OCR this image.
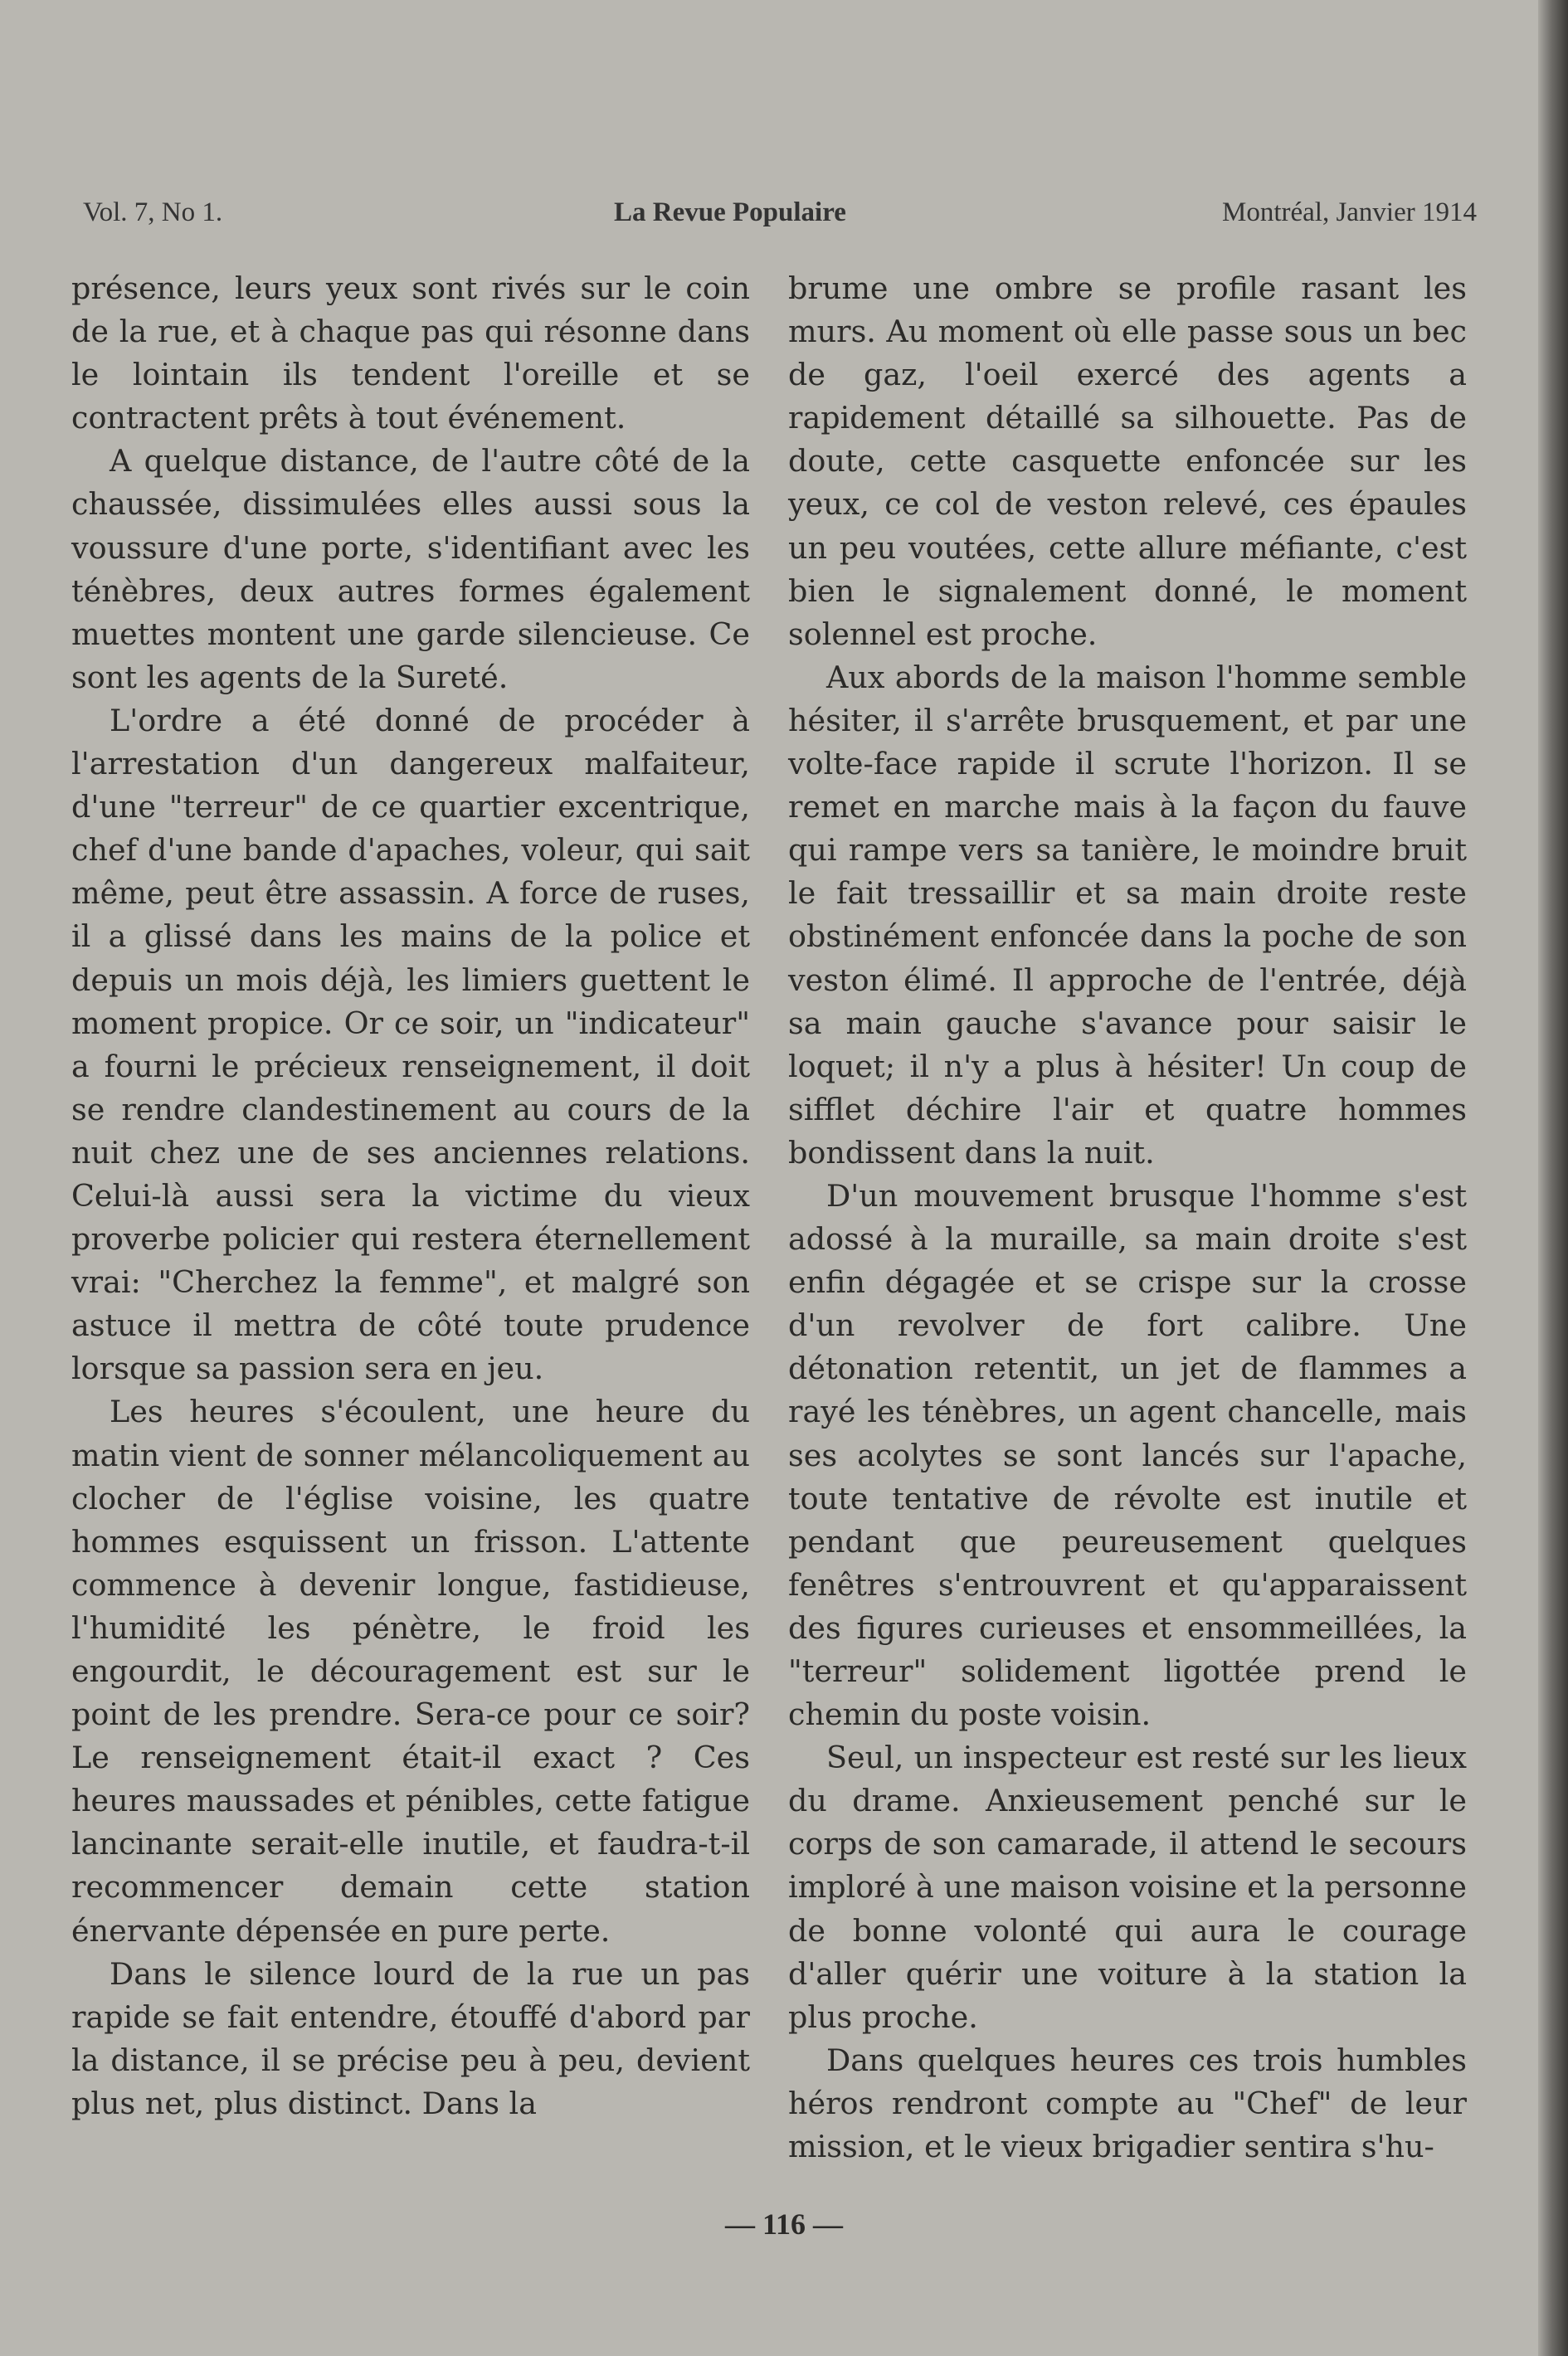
Vol. 7, No 1.	La Revue Populaire	Montréal, Janvier 1914

présence, leurs yeux sont rivés sur le coin de la rue, et à chaque pas qui résonne dans le lointain ils tendent l'oreille et se contractent prêts à tout événement.

A quelque distance, de l'autre côté de la chaussée, dissimulées elles aussi sous la voussure d'une porte, s'identifiant avec les ténèbres, deux autres formes également muettes montent une garde silencieuse. Ce sont les agents de la Sureté.

L'ordre a été donné de procéder à l'arrestation d'un dangereux malfaiteur, d'une "terreur" de ce quartier excentrique, chef d'une bande d'apaches, voleur, qui sait même, peut être assassin. A force de ruses, il a glissé dans les mains de la police et depuis un mois déjà, les limiers guettent le moment propice. Or ce soir, un "indicateur" a fourni le précieux renseignement, il doit se rendre clandestinement au cours de la nuit chez une de ses anciennes relations. Celui-là aussi sera la victime du vieux proverbe policier qui restera éternellement vrai: "Cherchez la femme", et malgré son astuce il mettra de côté toute prudence lorsque sa passion sera en jeu.

Les heures s'écoulent, une heure du matin vient de sonner mélancoliquement au clocher de l'église voisine, les quatre hommes esquissent un frisson. L'attente commence à devenir longue, fastidieuse, l'humidité les pénètre, le froid les engourdit, le découragement est sur le point de les prendre. Sera-ce pour ce soir? Le renseignement était-il exact ? Ces heures maussades et pénibles, cette fatigue lancinante serait-elle inutile, et faudra-t-il recommencer demain cette station énervante dépensée en pure perte.

Dans le silence lourd de la rue un pas rapide se fait entendre, étouffé d'abord par la distance, il se précise peu à peu, devient plus net, plus distinct. Dans la

brume une ombre se profile rasant les murs. Au moment où elle passe sous un bec de gaz, l'oeil exercé des agents a rapidement détaillé sa silhouette. Pas de doute, cette casquette enfoncée sur les yeux, ce col de veston relevé, ces épaules un peu voutées, cette allure méfiante, c'est bien le signalement donné, le moment solennel est proche.

Aux abords de la maison l'homme semble hésiter, il s'arrête brusquement, et par une volte-face rapide il scrute l'horizon. Il se remet en marche mais à la façon du fauve qui rampe vers sa tanière, le moindre bruit le fait tressaillir et sa main droite reste obstinément enfoncée dans la poche de son veston élimé. Il approche de l'entrée, déjà sa main gauche s'avance pour saisir le loquet; il n'y a plus à hésiter! Un coup de sifflet déchire l'air et quatre hommes bondissent dans la nuit.

D'un mouvement brusque l'homme s'est adossé à la muraille, sa main droite s'est enfin dégagée et se crispe sur la crosse d'un revolver de fort calibre. Une détonation retentit, un jet de flammes a rayé les ténèbres, un agent chancelle, mais ses acolytes se sont lancés sur l'apache, toute tentative de révolte est inutile et pendant que peureusement quelques fenêtres s'entrouvrent et qu'apparaissent des figures curieuses et ensommeillées, la "terreur" solidement ligottée prend le chemin du poste voisin.

Seul, un inspecteur est resté sur les lieux du drame. Anxieusement penché sur le corps de son camarade, il attend le secours imploré à une maison voisine et la personne de bonne volonté qui aura le courage d'aller quérir une voiture à la station la plus proche.

Dans quelques heures ces trois humbles héros rendront compte au "Chef" de leur mission, et le vieux brigadier sentira s'hu-

— 116 —
